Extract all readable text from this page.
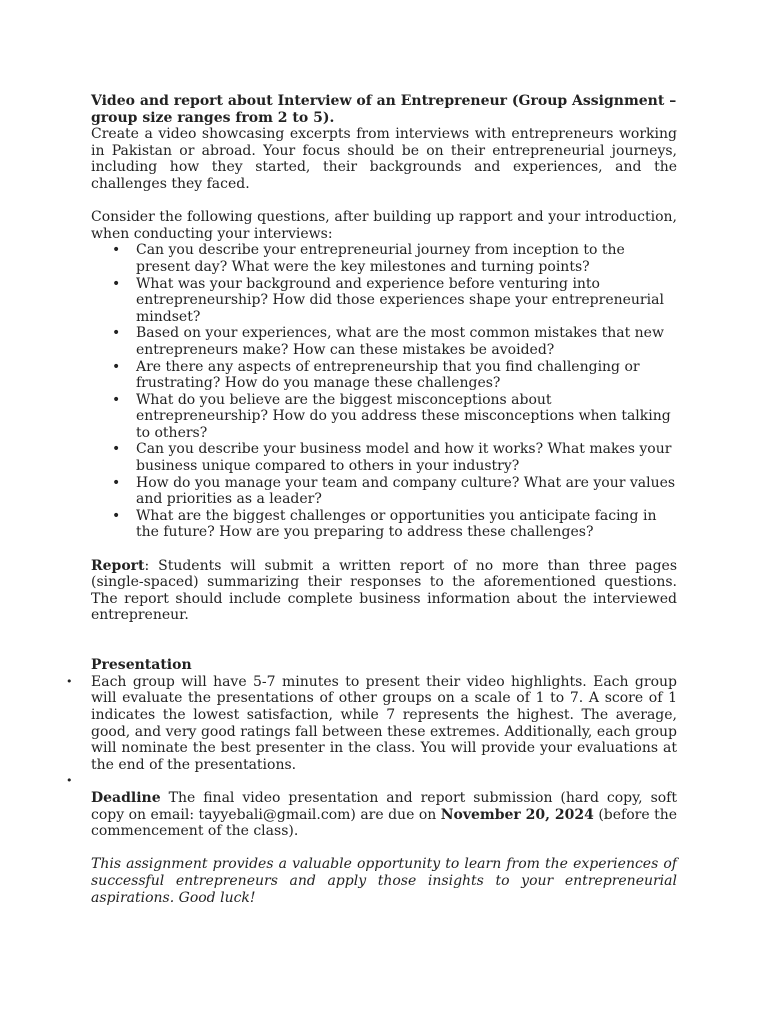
Video and report about Interview of an Entrepreneur (Group Assignment – group size ranges from 2 to 5).

Create a video showcasing excerpts from interviews with entrepreneurs working in Pakistan or abroad. Your focus should be on their entrepreneurial journeys, including how they started, their backgrounds and experiences, and the challenges they faced.

Consider the following questions, after building up rapport and your introduction, when conducting your interviews:

• Can you describe your entrepreneurial journey from inception to the present day? What were the key milestones and turning points?
• What was your background and experience before venturing into entrepreneurship? How did those experiences shape your entrepreneurial mindset?
• Based on your experiences, what are the most common mistakes that new entrepreneurs make? How can these mistakes be avoided?
• Are there any aspects of entrepreneurship that you find challenging or frustrating? How do you manage these challenges?
• What do you believe are the biggest misconceptions about entrepreneurship? How do you address these misconceptions when talking to others?
• Can you describe your business model and how it works? What makes your business unique compared to others in your industry?
• How do you manage your team and company culture? What are your values and priorities as a leader?
• What are the biggest challenges or opportunities you anticipate facing in the future? How are you preparing to address these challenges?

Report: Students will submit a written report of no more than three pages (single-spaced) summarizing their responses to the aforementioned questions. The report should include complete business information about the interviewed entrepreneur.

Presentation

• Each group will have 5-7 minutes to present their video highlights. Each group will evaluate the presentations of other groups on a scale of 1 to 7. A score of 1 indicates the lowest satisfaction, while 7 represents the highest. The average, good, and very good ratings fall between these extremes. Additionally, each group will nominate the best presenter in the class. You will provide your evaluations at the end of the presentations.

•

Deadline The final video presentation and report submission (hard copy, soft copy on email: tayyebali@gmail.com) are due on November 20, 2024 (before the commencement of the class).

This assignment provides a valuable opportunity to learn from the experiences of successful entrepreneurs and apply those insights to your entrepreneurial aspirations. Good luck!
